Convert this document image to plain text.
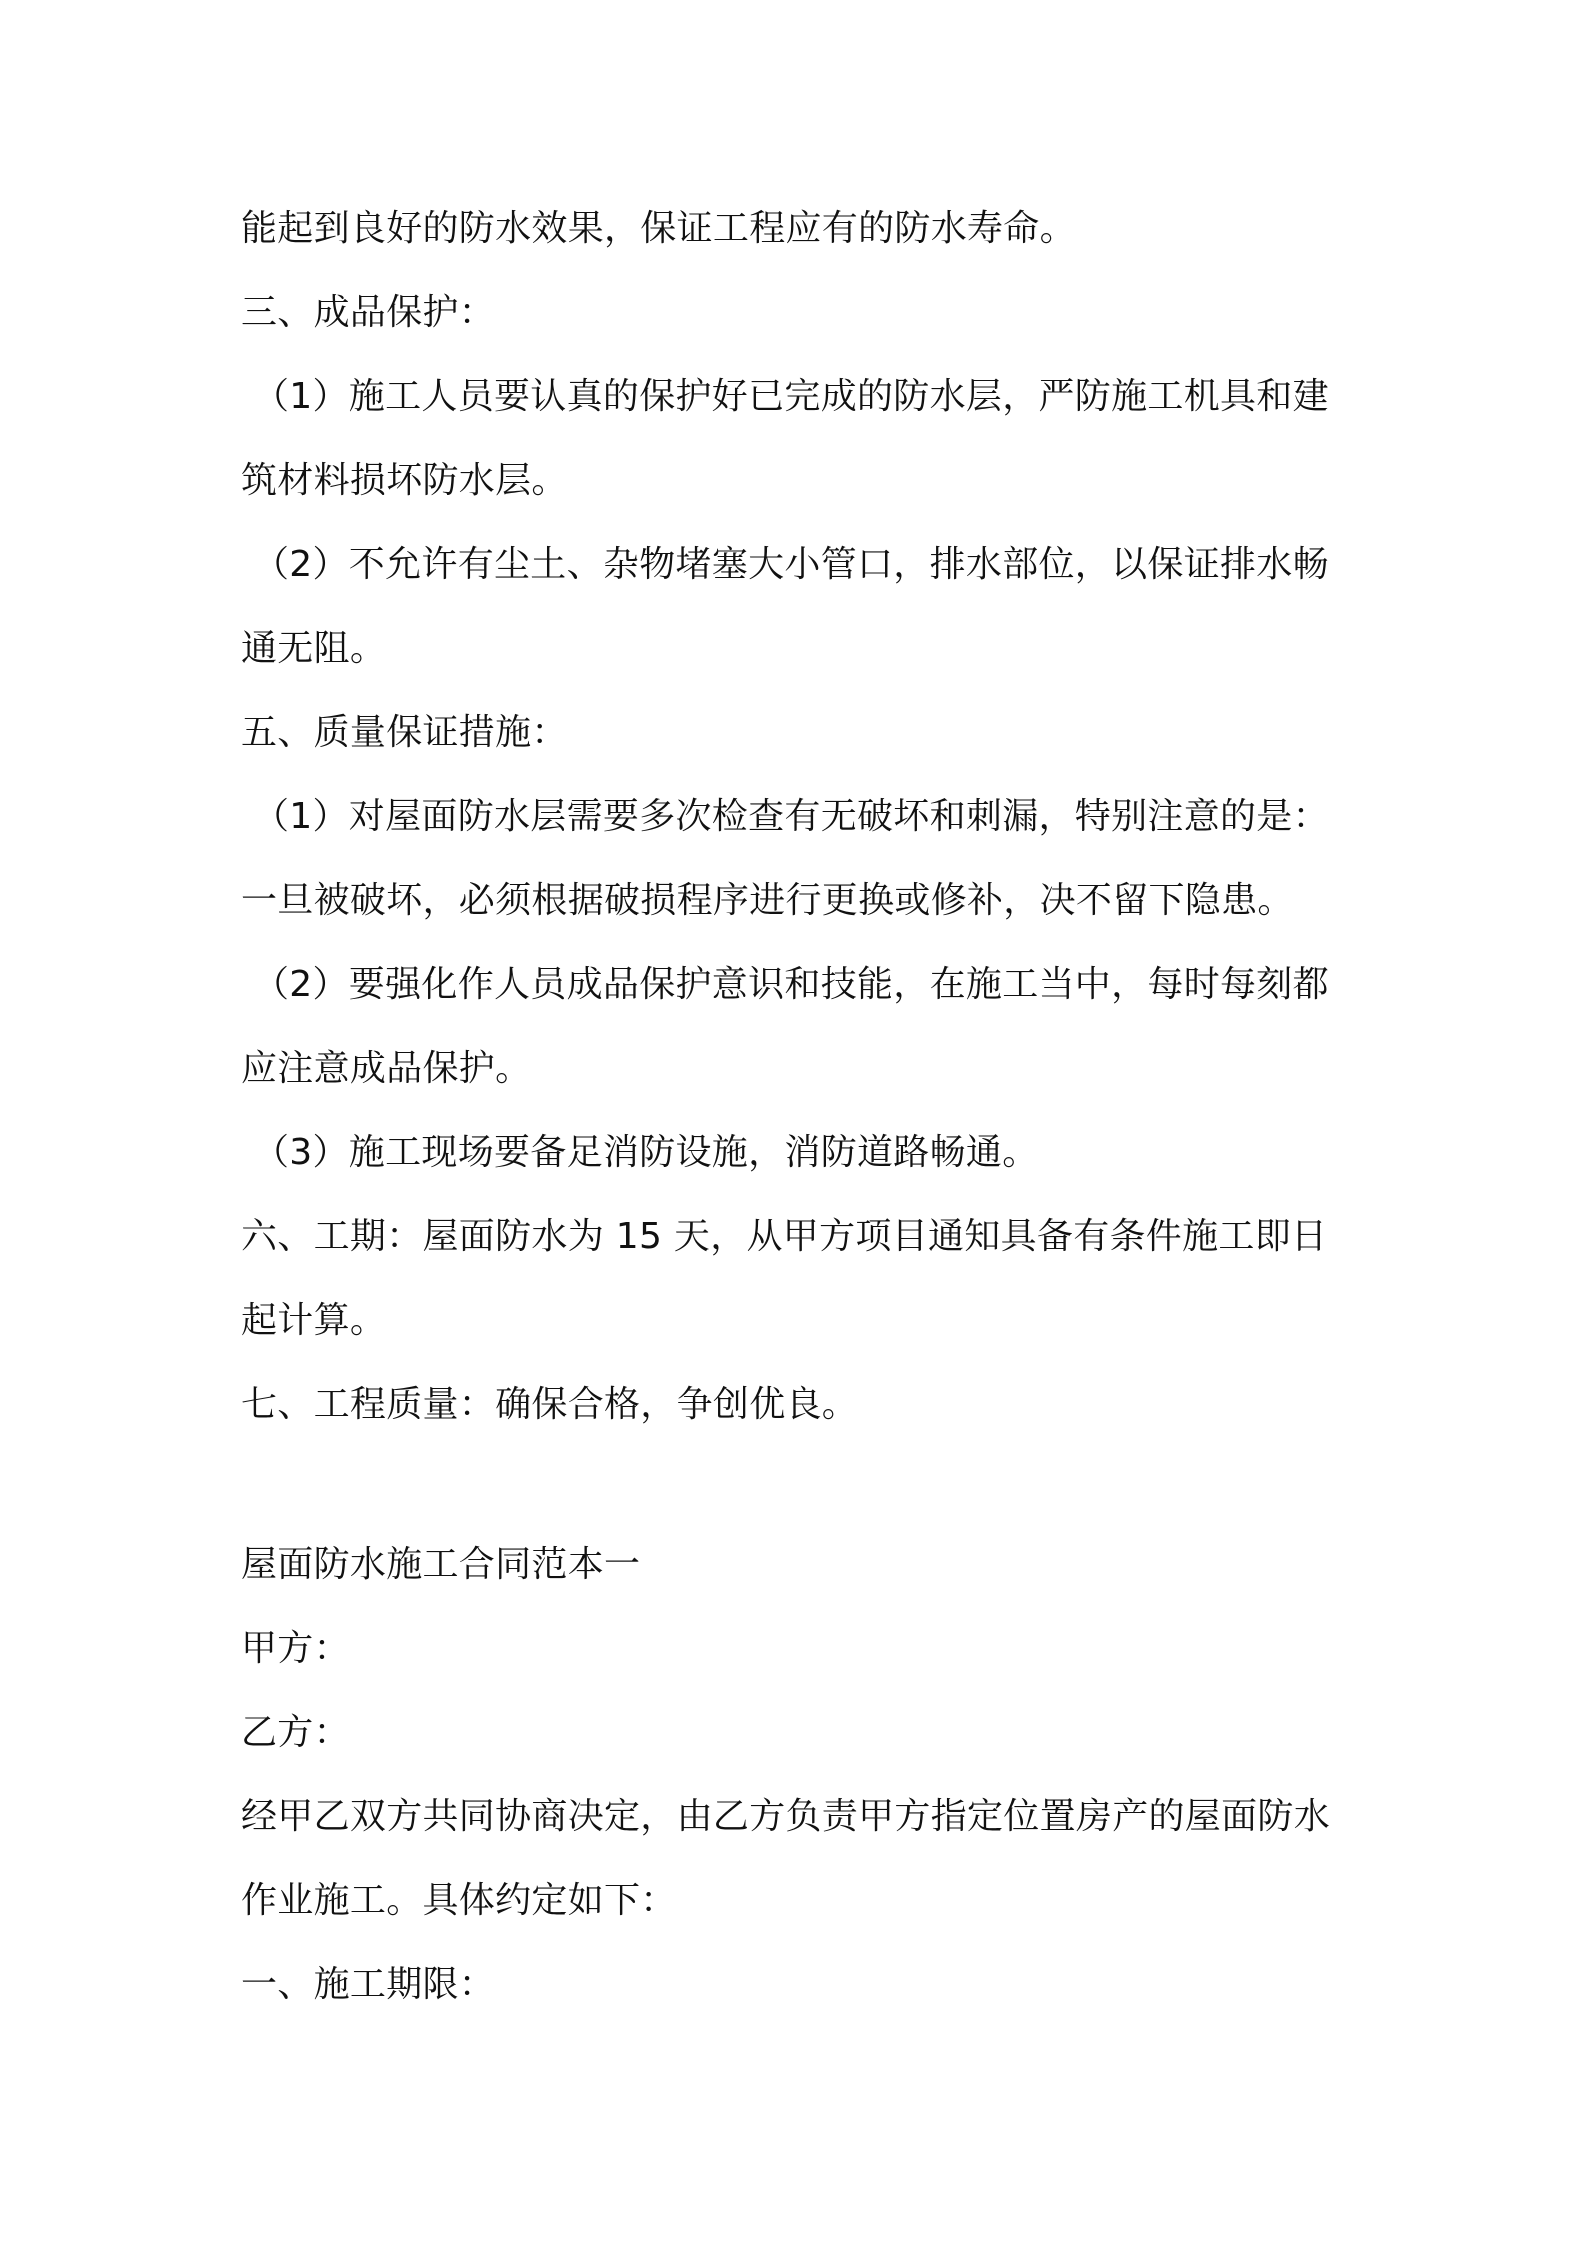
能起到良好的防水效果，保证工程应有的防水寿命。

三、成品保护：

（1）施工人员要认真的保护好已完成的防水层，严防施工机具和建

筑材料损坏防水层。

（2）不允许有尘土、杂物堵塞大小管口，排水部位，以保证排水畅

通无阻。

五、质量保证措施：

（1）对屋面防水层需要多次检查有无破坏和刺漏，特别注意的是：

一旦被破坏，必须根据破损程序进行更换或修补，决不留下隐患。

（2）要强化作人员成品保护意识和技能，在施工当中，每时每刻都

应注意成品保护。

（3）施工现场要备足消防设施，消防道路畅通。

六、工期：屋面防水为 15 天，从甲方项目通知具备有条件施工即日

起计算。

七、工程质量：确保合格，争创优良。

屋面防水施工合同范本一

甲方：

乙方：

经甲乙双方共同协商决定，由乙方负责甲方指定位置房产的屋面防水

作业施工。具体约定如下：

一、施工期限：
